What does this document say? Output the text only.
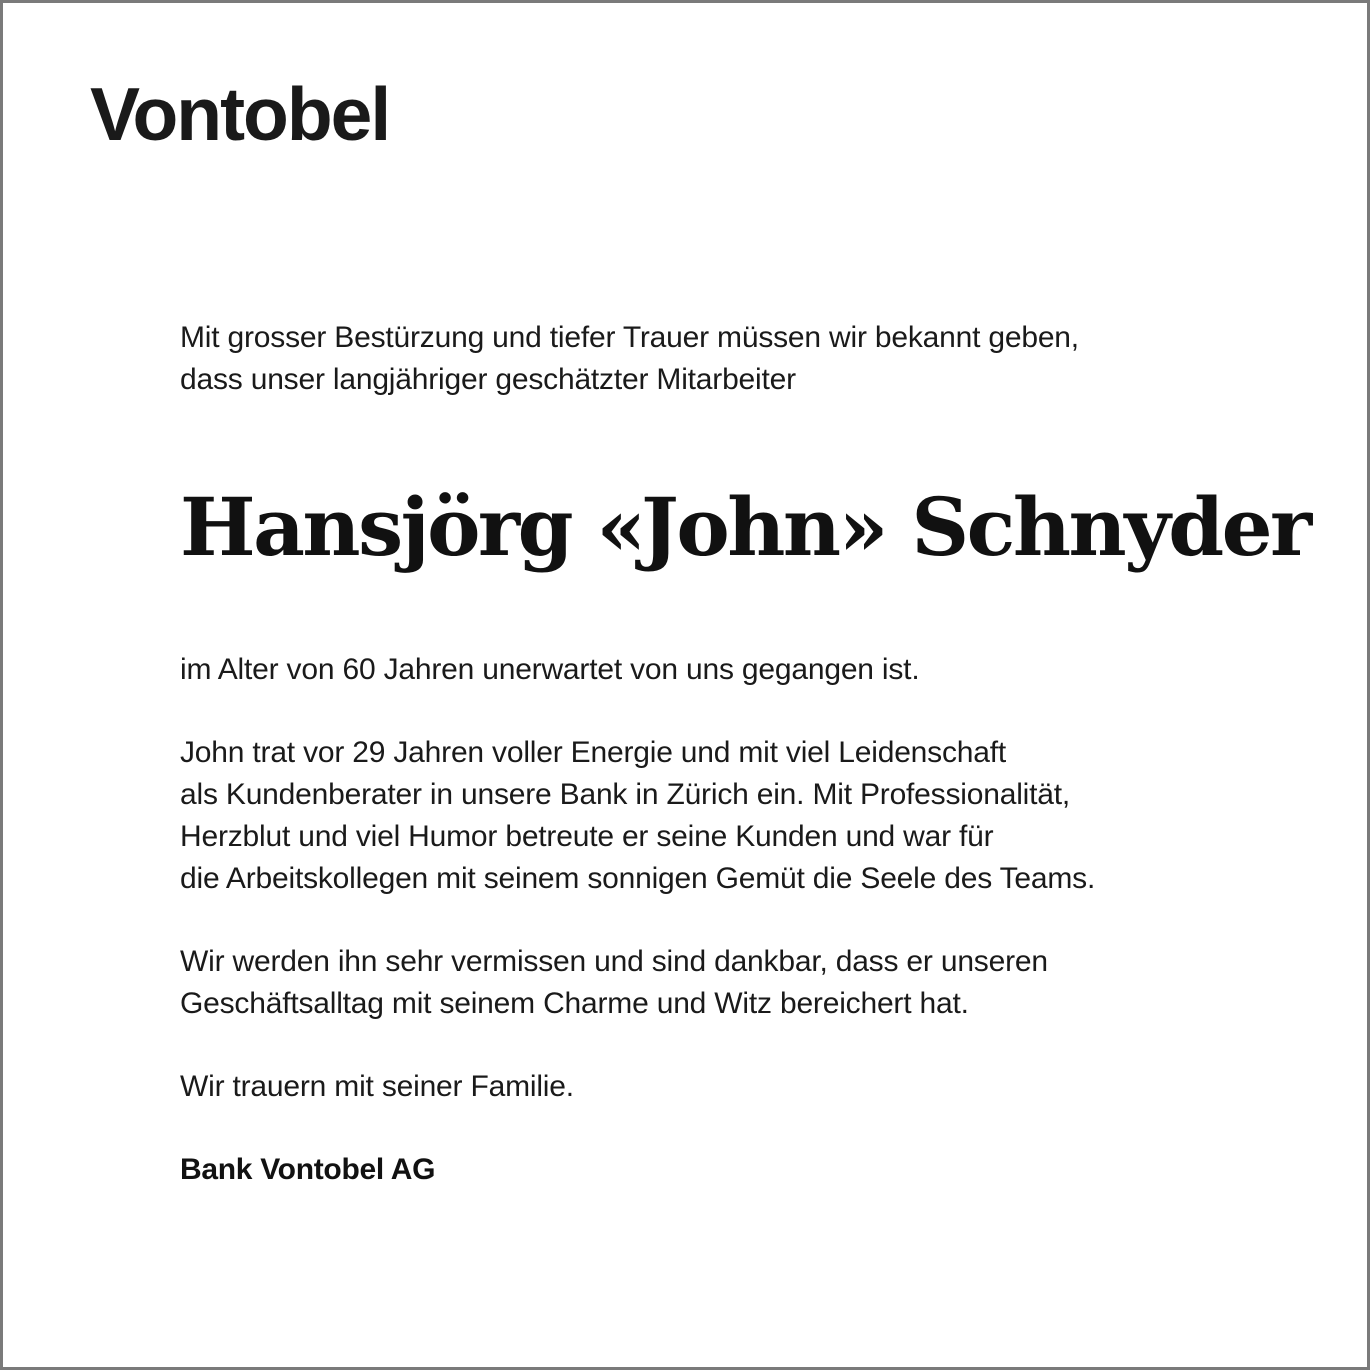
Vontobel

Mit grosser Bestürzung und tiefer Trauer müssen wir bekannt geben,
dass unser langjähriger geschätzter Mitarbeiter

Hansjörg «John» Schnyder

im Alter von 60 Jahren unerwartet von uns gegangen ist.

John trat vor 29 Jahren voller Energie und mit viel Leidenschaft
als Kundenberater in unsere Bank in Zürich ein. Mit Professionalität,
Herzblut und viel Humor betreute er seine Kunden und war für
die Arbeitskollegen mit seinem sonnigen Gemüt die Seele des Teams.

Wir werden ihn sehr vermissen und sind dankbar, dass er unseren
Geschäftsalltag mit seinem Charme und Witz bereichert hat.

Wir trauern mit seiner Familie.

Bank Vontobel AG
